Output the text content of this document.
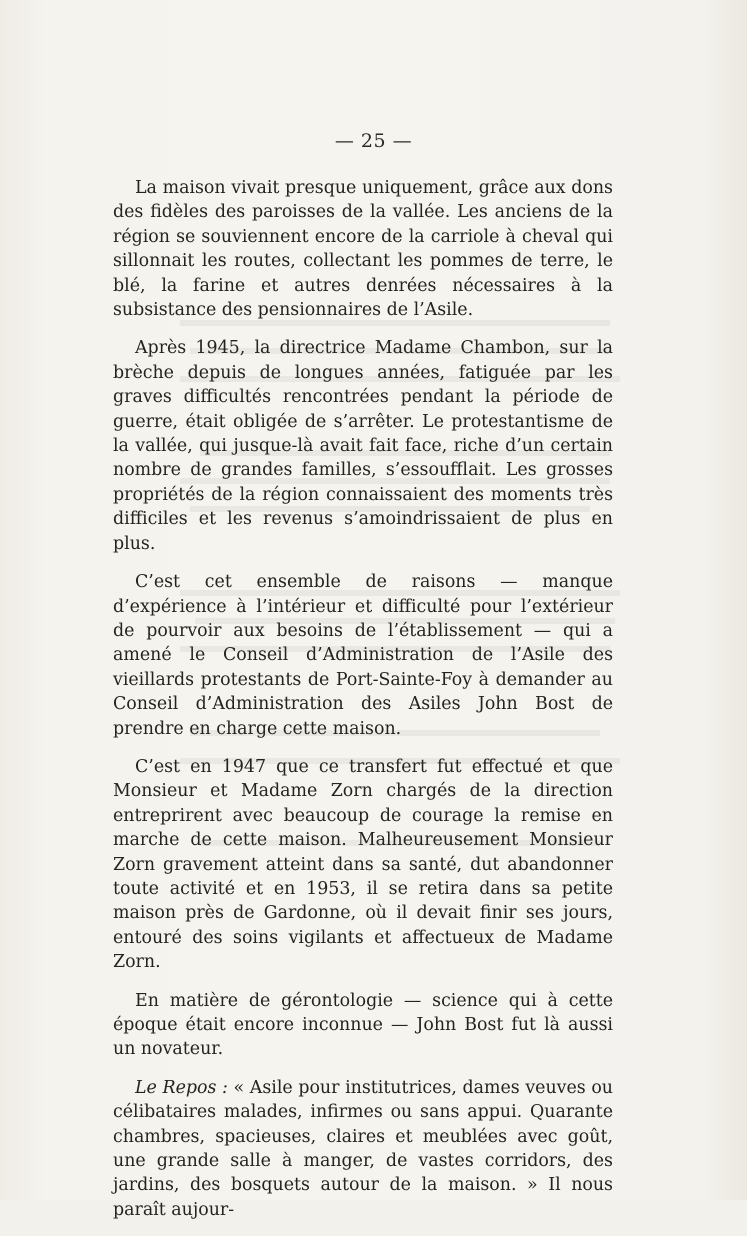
— 25 —

La maison vivait presque uniquement, grâce aux dons des fidèles des paroisses de la vallée. Les anciens de la région se souviennent encore de la carriole à cheval qui sillonnait les routes, collectant les pommes de terre, le blé, la farine et autres denrées nécessaires à la subsistance des pensionnaires de l’Asile.

Après 1945, la directrice Madame Chambon, sur la brèche depuis de longues années, fatiguée par les graves difficultés rencontrées pendant la période de guerre, était obligée de s’arrêter. Le protestantisme de la vallée, qui jusque-là avait fait face, riche d’un certain nombre de grandes familles, s’essoufflait. Les grosses propriétés de la région connaissaient des moments très difficiles et les revenus s’amoindrissaient de plus en plus.

C’est cet ensemble de raisons — manque d’expérience à l’intérieur et difficulté pour l’extérieur de pourvoir aux besoins de l’établissement — qui a amené le Conseil d’Administration de l’Asile des vieillards protestants de Port-Sainte-Foy à demander au Conseil d’Administration des Asiles John Bost de prendre en charge cette maison.

C’est en 1947 que ce transfert fut effectué et que Monsieur et Madame Zorn chargés de la direction entreprirent avec beaucoup de courage la remise en marche de cette maison. Malheureusement Monsieur Zorn gravement atteint dans sa santé, dut abandonner toute activité et en 1953, il se retira dans sa petite maison près de Gardonne, où il devait finir ses jours, entouré des soins vigilants et affectueux de Madame Zorn.

En matière de gérontologie — science qui à cette époque était encore inconnue — John Bost fut là aussi un novateur.

Le Repos : « Asile pour institutrices, dames veuves ou célibataires malades, infirmes ou sans appui. Quarante chambres, spacieuses, claires et meublées avec goût, une grande salle à manger, de vastes corridors, des jardins, des bosquets autour de la maison. » Il nous paraît aujour-
